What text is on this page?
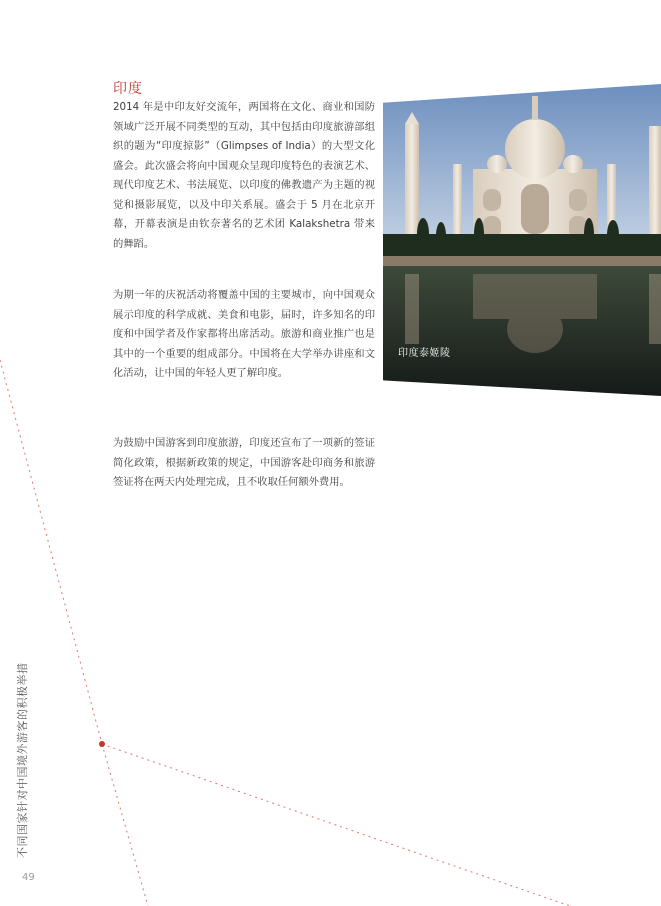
印度

2014 年是中印友好交流年，两国将在文化、商业和国防领域广泛开展不同类型的互动，其中包括由印度旅游部组织的题为“印度掠影”（Glimpses of India）的大型文化盛会。此次盛会将向中国观众呈现印度特色的表演艺术、现代印度艺术、书法展览、以印度的佛教遗产为主题的视觉和摄影展览，以及中印关系展。盛会于 5 月在北京开幕，开幕表演是由钦奈著名的艺术团 Kalakshetra 带来的舞蹈。

为期一年的庆祝活动将覆盖中国的主要城市，向中国观众展示印度的科学成就、美食和电影，届时，许多知名的印度和中国学者及作家都将出席活动。旅游和商业推广也是其中的一个重要的组成部分。中国将在大学举办讲座和文化活动，让中国的年轻人更了解印度。

为鼓励中国游客到印度旅游，印度还宣布了一项新的签证简化政策，根据新政策的规定，中国游客赴印商务和旅游签证将在两天内处理完成，且不收取任何额外费用。

印度泰姬陵
不同国家针对中国境外游客的积极举措
49
